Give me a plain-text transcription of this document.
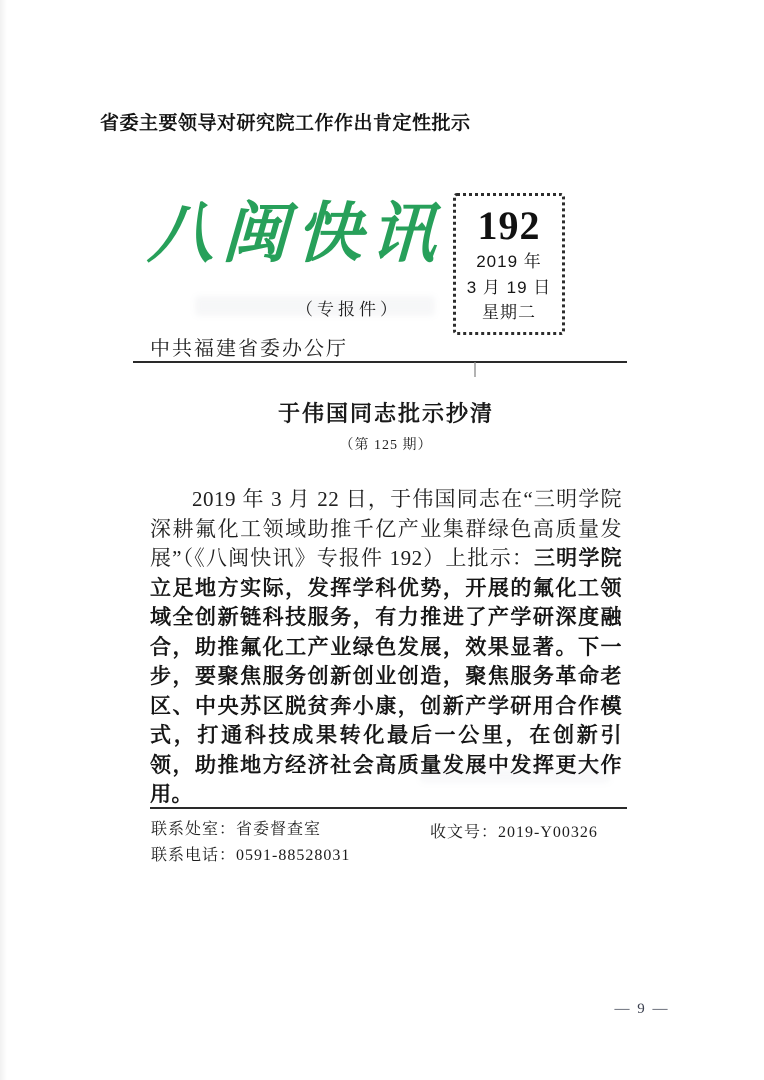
省委主要领导对研究院工作作出肯定性批示
八闽快讯 192
2019 年
3 月 19 日
星期二
（专报件）
中共福建省委办公厅
于伟国同志批示抄清
（第 125 期）

2019 年 3 月 22 日，于伟国同志在“三明学院深耕氟化工领域助推千亿产业集群绿色高质量发展”（《八闽快讯》专报件 192）上批示：三明学院立足地方实际，发挥学科优势，开展的氟化工领域全创新链科技服务，有力推进了产学研深度融合，助推氟化工产业绿色发展，效果显著。下一步，要聚焦服务创新创业创造，聚焦服务革命老区、中央苏区脱贫奔小康，创新产学研用合作模式，打通科技成果转化最后一公里，在创新引领，助推地方经济社会高质量发展中发挥更大作用。

联系处室：省委督查室
联系电话：0591-88528031
收文号：2019-Y00326
— 9 —
